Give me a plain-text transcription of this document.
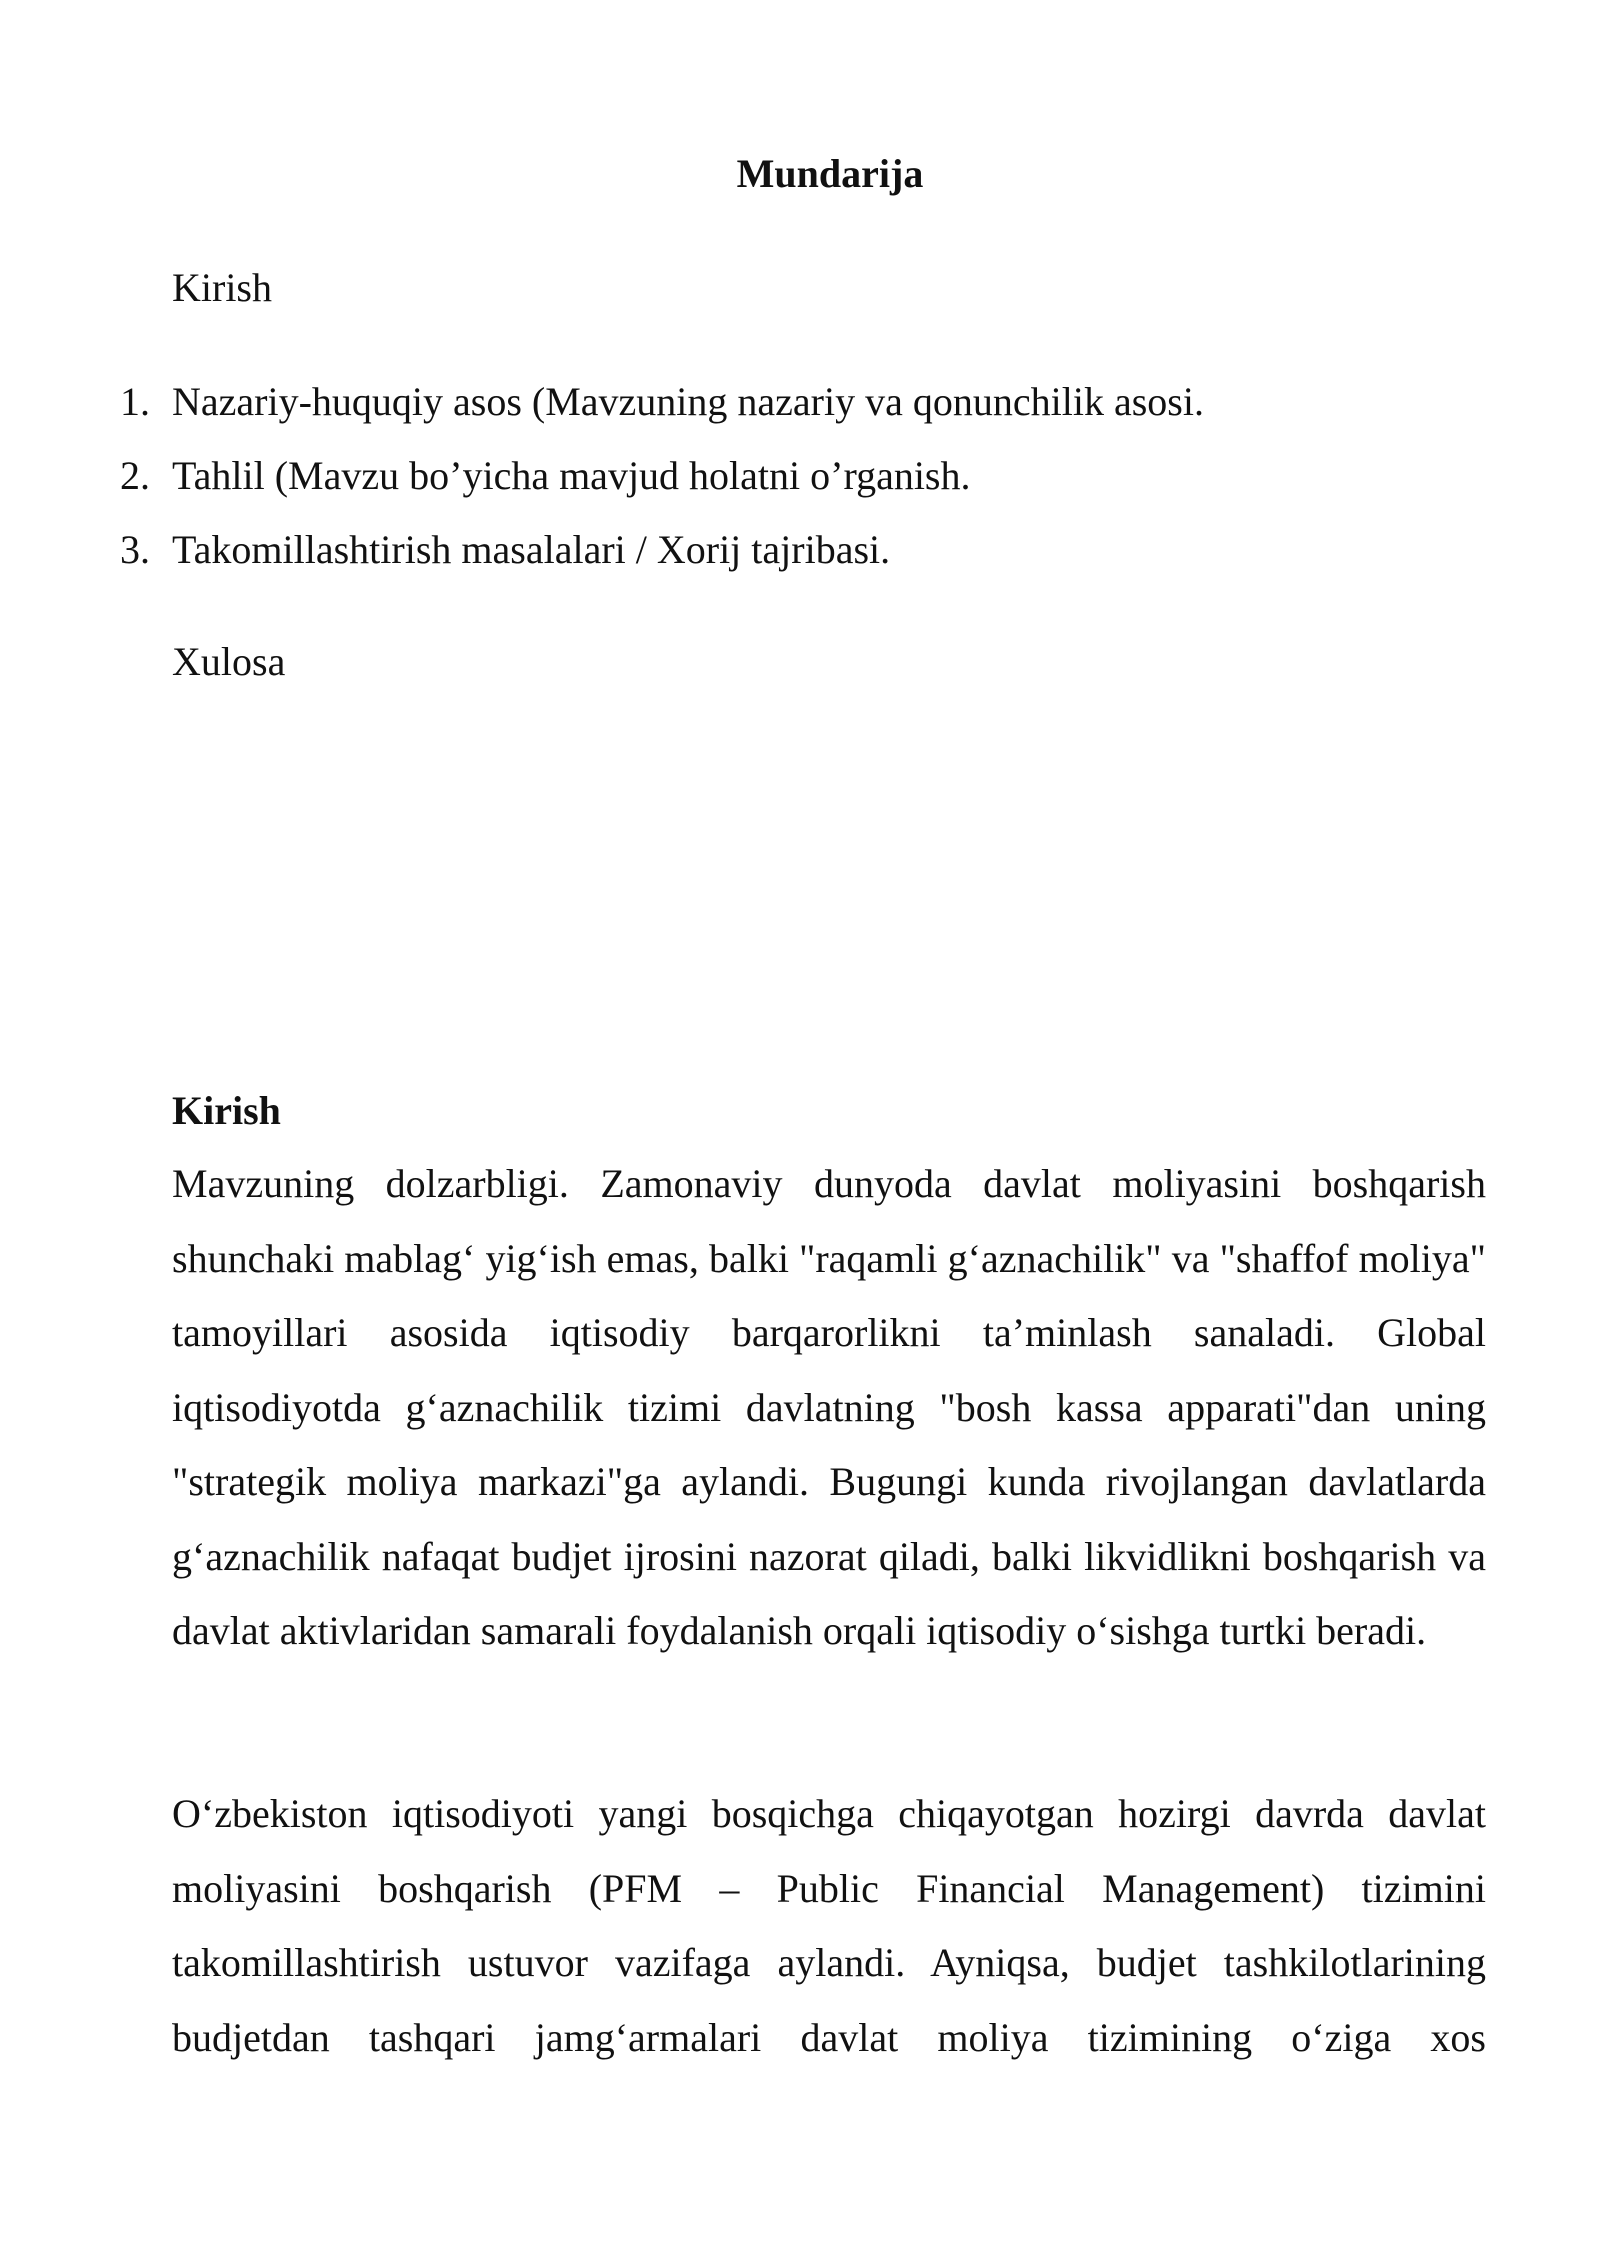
Mundarija
Kirish
1. Nazariy-huquqiy asos (Mavzuning nazariy va qonunchilik asosi.
2. Tahlil (Mavzu bo’yicha mavjud holatni o’rganish.
3. Takomillashtirish masalalari / Xorij tajribasi.
Xulosa
Kirish

Mavzuning dolzarbligi. Zamonaviy dunyoda davlat moliyasini boshqarish shunchaki mablag‘ yig‘ish emas, balki "raqamli g‘aznachilik" va "shaffof moliya" tamoyillari asosida iqtisodiy barqarorlikni ta’minlash sanaladi. Global iqtisodiyotda g‘aznachilik tizimi davlatning "bosh kassa apparati"dan uning "strategik moliya markazi"ga aylandi. Bugungi kunda rivojlangan davlatlarda g‘aznachilik nafaqat budjet ijrosini nazorat qiladi, balki likvidlikni boshqarish va davlat aktivlaridan samarali foydalanish orqali iqtisodiy o‘sishga turtki beradi.

O‘zbekiston iqtisodiyoti yangi bosqichga chiqayotgan hozirgi davrda davlat moliyasini boshqarish (PFM – Public Financial Management) tizimini takomillashtirish ustuvor vazifaga aylandi. Ayniqsa, budjet tashkilotlarining budjetdan tashqari jamg‘armalari davlat moliya tizimining o‘ziga xos
